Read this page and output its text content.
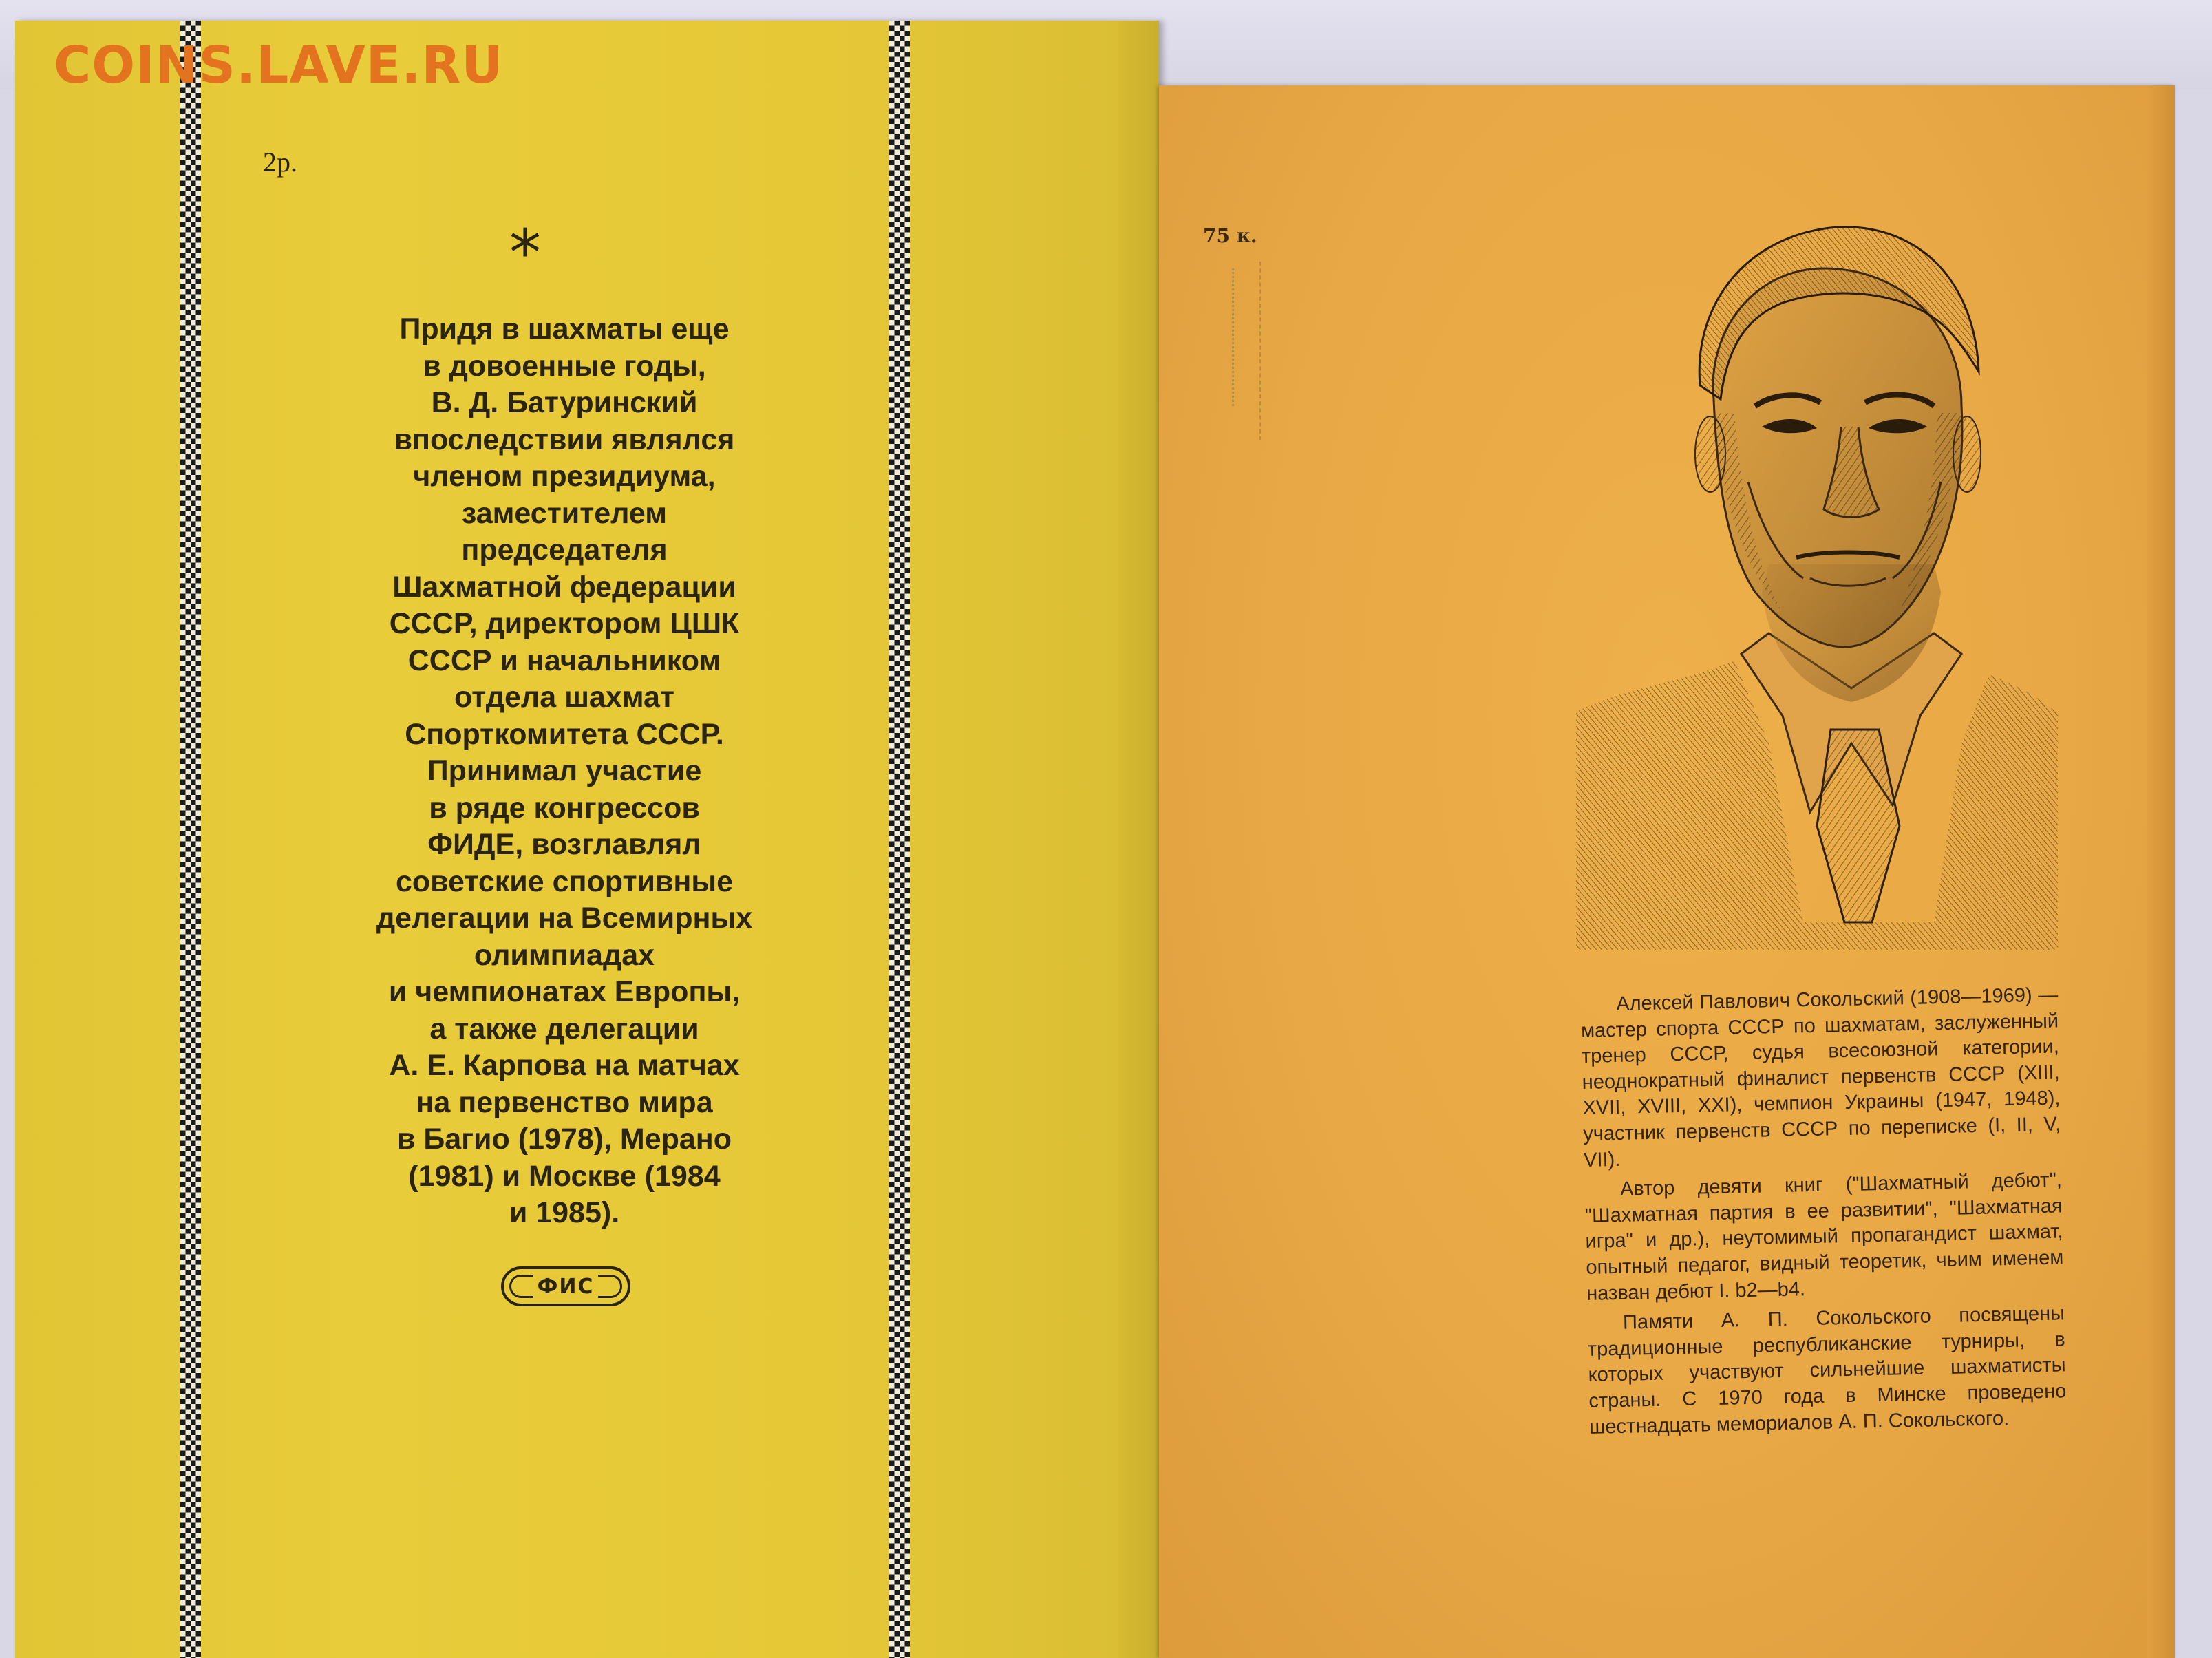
COINS.LAVE.RU
2р.
*
Придя в шахматы еще
в довоенные годы,
В. Д. Батуринский
впоследствии являлся
членом президиума,
заместителем
председателя
Шахматной федерации
СССР, директором ЦШК
СССР и начальником
отдела шахмат
Спорткомитета СССР.
Принимал участие
в ряде конгрессов
ФИДЕ, возглавлял
советские спортивные
делегации на Всемирных
олимпиадах
и чемпионатах Европы,
а также делегации
А. Е. Карпова на матчах
на первенство мира
в Багио (1978), Мерано
(1981) и Москве (1984
и 1985).
ФИС
75 к.

Алексей Павлович Сокольский (1908—1969) — мастер спорта СССР по шахматам, заслуженный тренер СССР, судья всесоюзной категории, неоднократный финалист первенств СССР (XIII, XVII, XVIII, XXI), чемпион Украины (1947, 1948), участник первенств СССР по переписке (I, II, V, VII).

Автор девяти книг ("Шахматный дебют", "Шахматная партия в ее развитии", "Шахматная игра" и др.), неутомимый пропагандист шахмат, опытный педагог, видный теоретик, чьим именем назван дебют I. b2—b4.

Памяти А. П. Сокольского посвящены традиционные республиканские турниры, в которых участвуют сильнейшие шахматисты страны. С 1970 года в Минске проведено шестнадцать мемориалов А. П. Сокольского.
